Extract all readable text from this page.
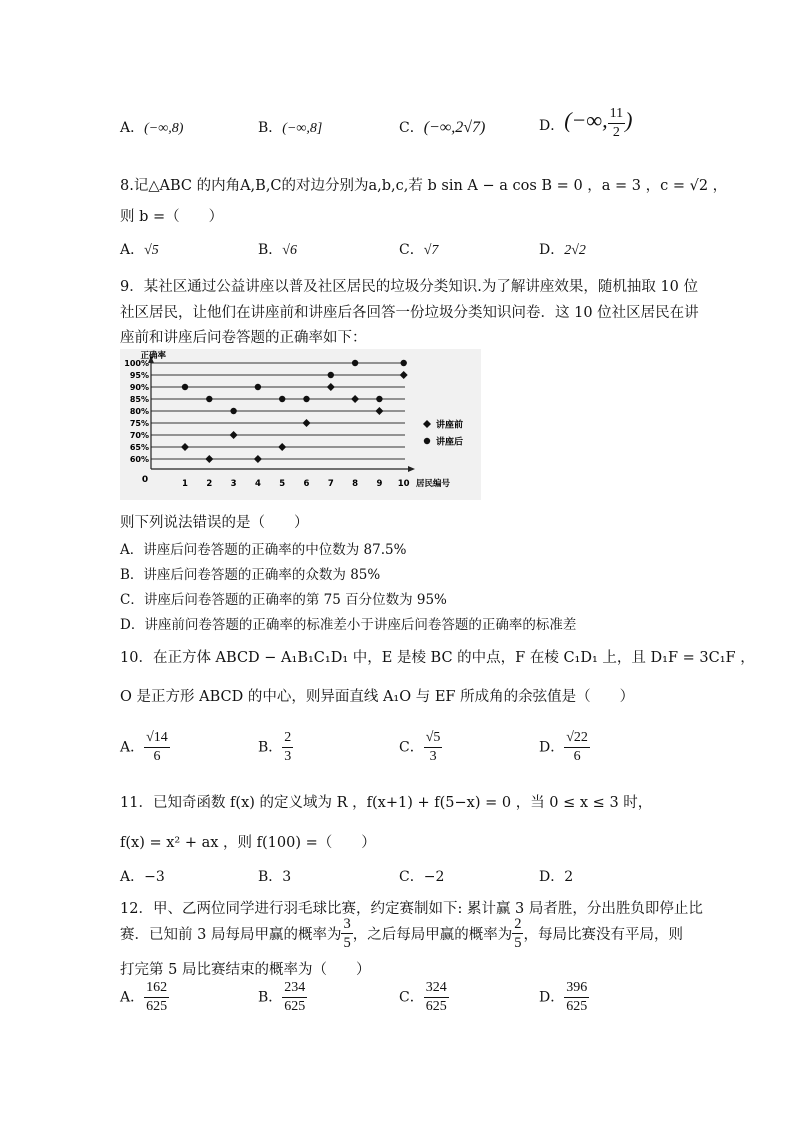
A．(−∞,8)	B．(−∞,8]	C．(−∞,2√7)	D．(−∞, $\frac{11}{2}$ )
8.记△ABC 的内角A,B,C的对边分别为a,b,c,若 b sin A − a cos B = 0 ，a = 3 ，c = √2 ，
则 b =（　　）
A．√5	B．√6	C．√7	D．2√2
9．某社区通过公益讲座以普及社区居民的垃圾分类知识.为了解讲座效果，随机抽取 10 位
社区居民，让他们在讲座前和讲座后各回答一份垃圾分类知识问卷．这 10 位社区居民在讲
座前和讲座后问卷答题的正确率如下：
正确率
0	居民编号
60%
65%
70%
75%
80%
85%
90%
95%
100%
1 2 3 4 5 6 7 8 9 10
讲座前
讲座后
则下列说法错误的是（　　）
A．讲座后问卷答题的正确率的中位数为 87.5%
B．讲座后问卷答题的正确率的众数为 85%
C．讲座后问卷答题的正确率的第 75 百分位数为 95%
D．讲座前问卷答题的正确率的标准差小于讲座后问卷答题的正确率的标准差
10．在正方体 ABCD − A₁B₁C₁D₁ 中，E 是棱 BC 的中点，F 在棱 C₁D₁ 上，且 D₁F = 3C₁F ，
O 是正方形 ABCD 的中心，则异面直线 A₁O 与 EF 所成角的余弦值是（　　）
A． $\frac{√14}{6}$	B． $\frac{2}{3}$	C． $\frac{√5}{3}$	D． $\frac{√22}{6}$
11．已知奇函数 f(x) 的定义域为 R ，f(x+1) + f(5−x) = 0 ，当 0 ≤ x ≤ 3 时，
f(x) = x² + ax ，则 f(100) =（　　）
A．−3	B．3	C．−2	D．2
12．甲、乙两位同学进行羽毛球比赛，约定赛制如下: 累计赢 3 局者胜，分出胜负即停止比
赛．已知前 3 局每局甲赢的概率为 $\frac{3}{5}$ ，之后每局甲赢的概率为 $\frac{2}{5}$ ，每局比赛没有平局，则
打完第 5 局比赛结束的概率为（　　）
A． $\frac{162}{625}$	B． $\frac{234}{625}$	C． $\frac{324}{625}$	D． $\frac{396}{625}$
